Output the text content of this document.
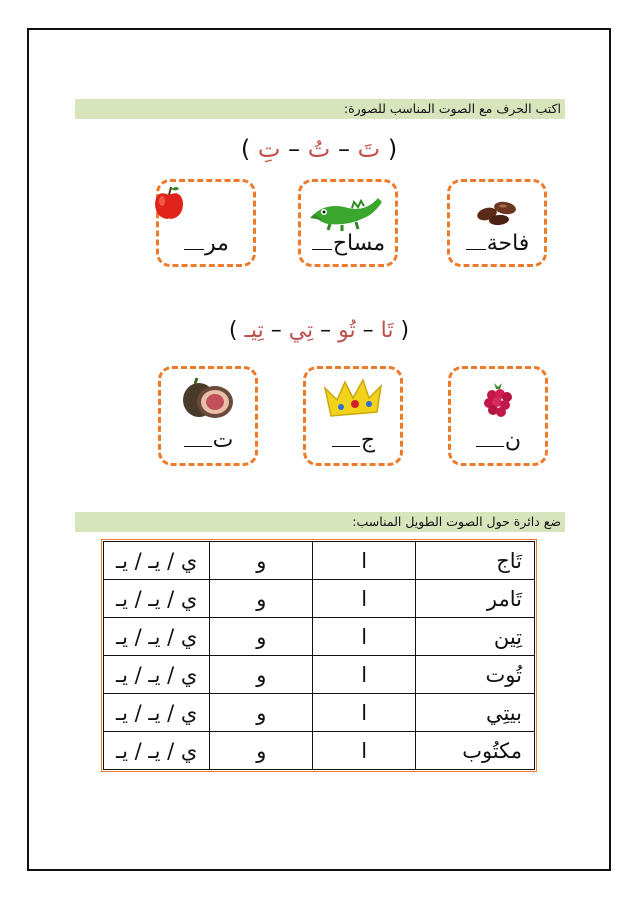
اكتب الحرف مع الصوت المناسب للصورة:
( تَ – تُ – تِ )
فاحة
مساح
مر
( تَا – تُو – تِي – تِيـ )
ن
ج
ت
ضع دائرة حول الصوت الطويل المناسب:
تَاج	ا	و	ي / يـ / يـ
تَامر	ا	و	ي / يـ / يـ
تِين	ا	و	ي / يـ / يـ
تُوت	ا	و	ي / يـ / يـ
بيتِي	ا	و	ي / يـ / يـ
مكتُوب	ا	و	ي / يـ / يـ
